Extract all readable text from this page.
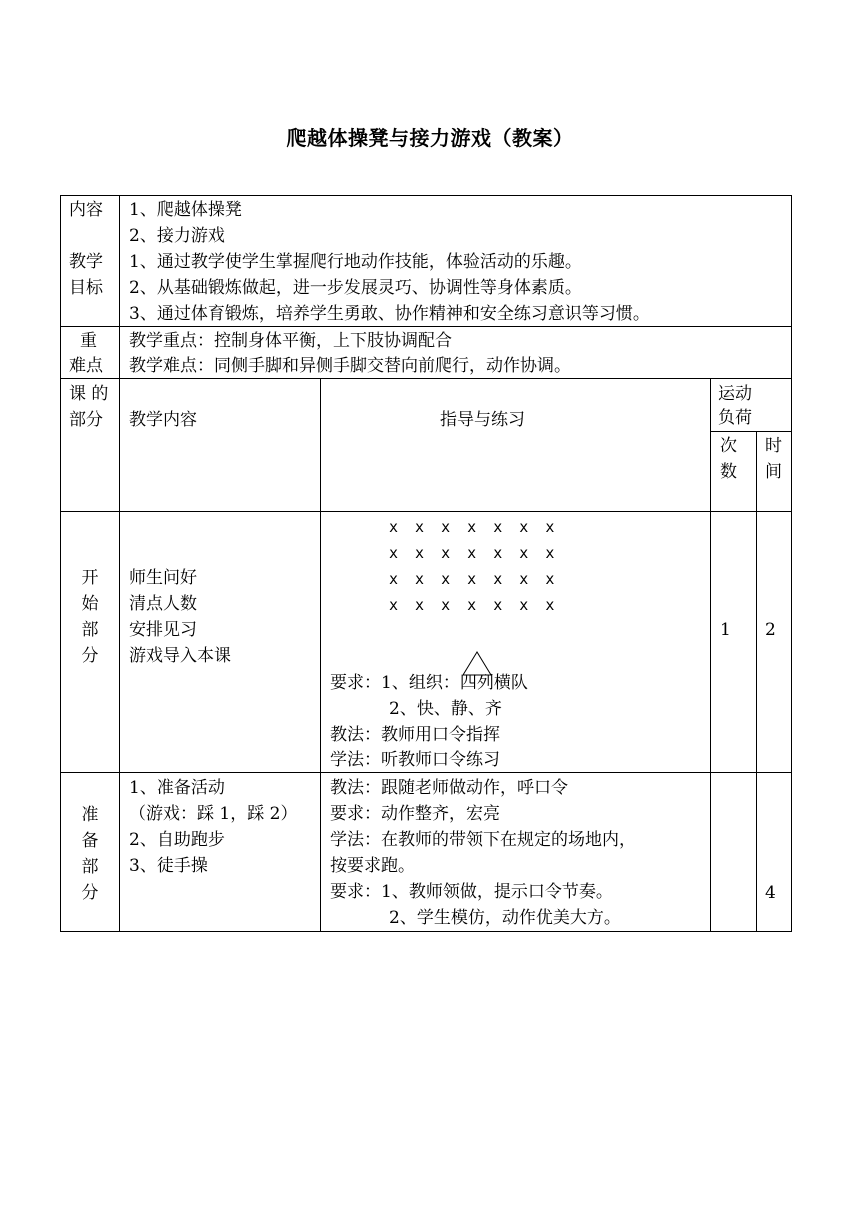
爬越体操凳与接力游戏（教案）
内容
教学
目标
1、爬越体操凳
2、接力游戏
1、通过教学使学生掌握爬行地动作技能，体验活动的乐趣。
2、从基础锻炼做起，进一步发展灵巧、协调性等身体素质。
3、通过体育锻炼，培养学生勇敢、协作精神和安全练习意识等习惯。
重
难点
教学重点：控制身体平衡，上下肢协调配合
教学难点：同侧手脚和异侧手脚交替向前爬行，动作协调。
课 的
部分 教学内容	指导与练习
运动
负荷
次
数
时
间
开
始
部
分
师生问好
清点人数
安排见习
游戏导入本课
x x x x x x x
x x x x x x x
x x x x x x x
x x x x x x x
要求：1、组织：四列横队
2、快、静、齐
教法：教师用口令指挥
学法：听教师口令练习
1 2
准
备
部
分
1、准备活动
（游戏：踩 1，踩 2）
2、自助跑步
3、徒手操
教法：跟随老师做动作，呼口令
要求：动作整齐，宏亮
学法：在教师的带领下在规定的场地内，
按要求跑。
要求：1、教师领做，提示口令节奏。
2、学生模仿，动作优美大方。
4
